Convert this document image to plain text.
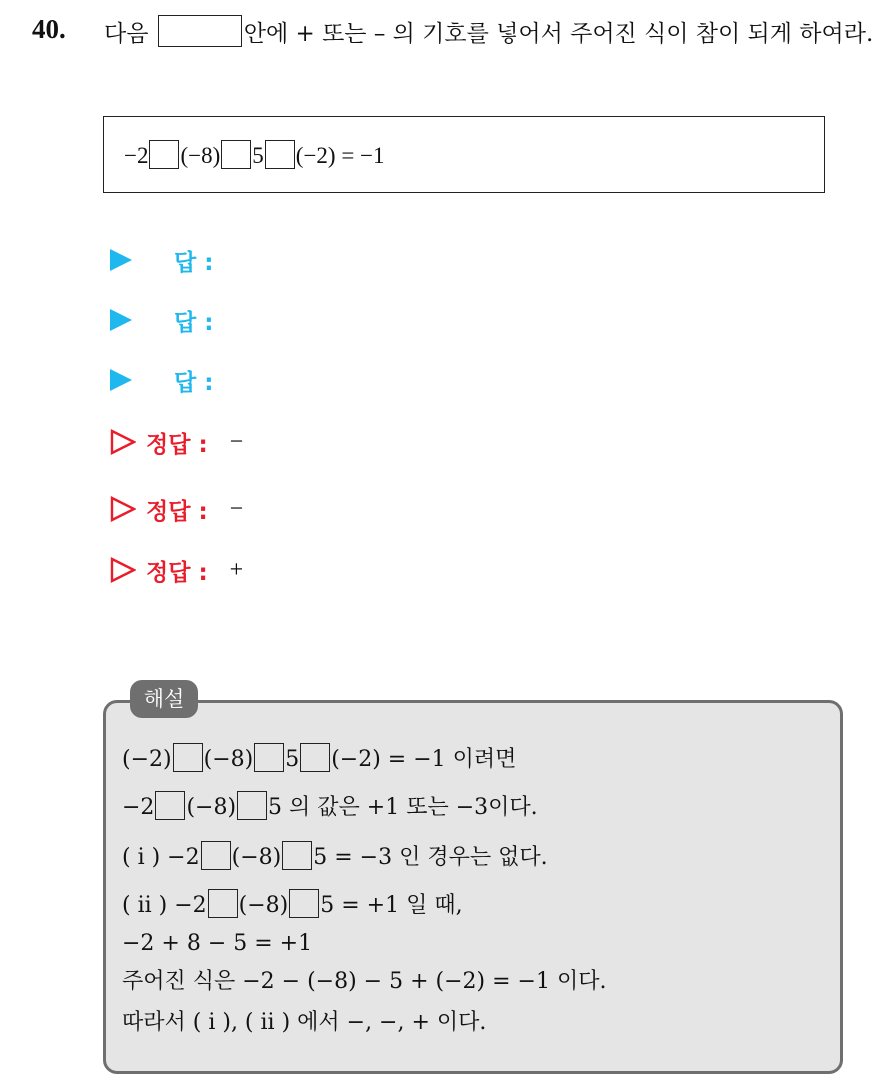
40. 다음	안에 + 또는 – 의 기호를 넣어서 주어진 식이 참이 되게 하여라.
−2 (−8) 5 (−2) = −1
답 :
답 :
답 :
정답 : −
정답 : −
정답 : +
해설
(−2) (−8) 5 (−2) = −1 이려면
−2 (−8) 5 의 값은 +1 또는 −3이다.
( i ) −2 (−8) 5 = −3 인 경우는 없다.
( ii ) −2 (−8) 5 = +1 일 때,
−2 + 8 − 5 = +1
주어진 식은 −2 − (−8) − 5 + (−2) = −1 이다.
따라서 ( i ), ( ii ) 에서 −, −, + 이다.
